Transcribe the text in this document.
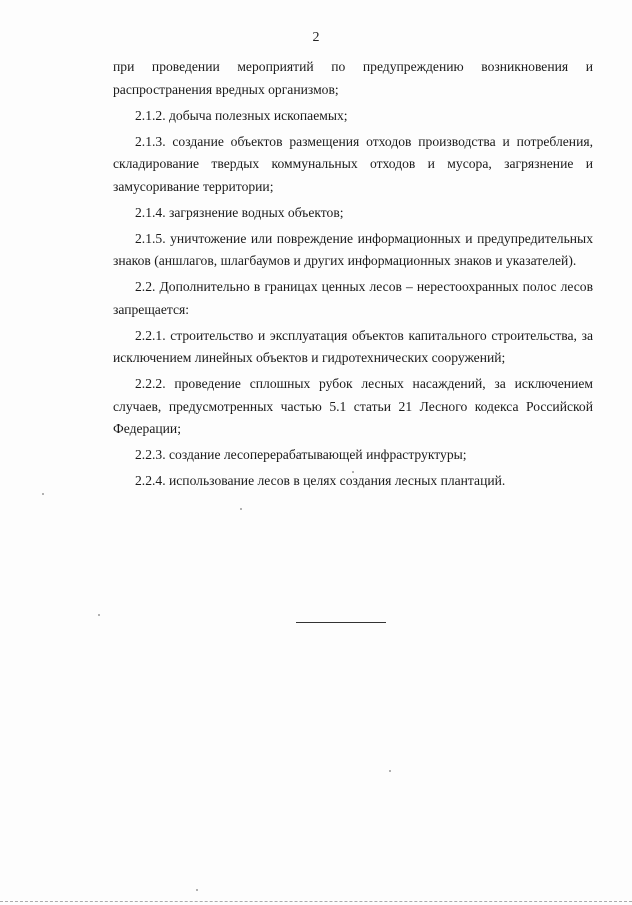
2

при проведении мероприятий по предупреждению возникновения и распространения вредных организмов;

2.1.2. добыча полезных ископаемых;

2.1.3. создание объектов размещения отходов производства и потребления, складирование твердых коммунальных отходов и мусора, загрязнение и замусоривание территории;

2.1.4. загрязнение водных объектов;

2.1.5. уничтожение или повреждение информационных и предупредительных знаков (аншлагов, шлагбаумов и других информационных знаков и указателей).

2.2. Дополнительно в границах ценных лесов – нерестоохранных полос лесов запрещается:

2.2.1. строительство и эксплуатация объектов капитального строительства, за исключением линейных объектов и гидротехнических сооружений;

2.2.2. проведение сплошных рубок лесных насаждений, за исключением случаев, предусмотренных частью 5.1 статьи 21 Лесного кодекса Российской Федерации;

2.2.3. создание лесоперерабатывающей инфраструктуры;

2.2.4. использование лесов в целях создания лесных плантаций.
